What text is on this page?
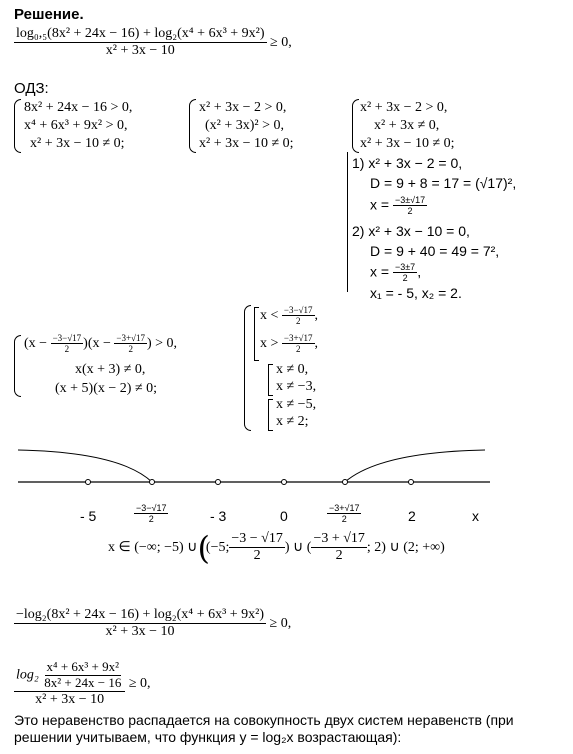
Решение.
$\frac{\text{log₀,₅(8x² + 24x − 16) + log₂(x⁴ + 6x³ + 9x²)}}{\text{x² + 3x − 10}} \ge 0$,
ОДЗ:
8x² + 24x − 16 > 0,
x⁴ + 6x³ + 9x² > 0,
x² + 3x − 10 ≠ 0;
x² + 3x − 2 > 0,
(x² + 3x)² > 0,
x² + 3x − 10 ≠ 0;
x² + 3x − 2 > 0,
x² + 3x ≠ 0,
x² + 3x − 10 ≠ 0;
1) x² + 3x − 2 = 0,
D = 9 + 8 = 17 = (√17)²,
$x = \frac{-3\pm√17}{2}$
2) x² + 3x − 10 = 0,
D = 9 + 40 = 49 = 7²,
$x = \frac{-3\pm 7}{2}$ ,
x₁ = - 5, x₂ = 2.
$(x - \frac{-3-√17}{2} )(x - \frac{-3+√17}{2}$ ) > 0,
x(x + 3) ≠ 0,
(x + 5)(x − 2) ≠ 0;
$x < \frac{-3-√17}{2}$ ,
$x > \frac{-3+√17}{2}$ ,
x ≠ 0,
x ≠ −3,
x ≠ −5,
x ≠ 2;
- 5	$\frac{-3-√17}{2}$	- 3	0	$\frac{-3+√17}{2}$	2	x
x ∈ (−∞; −5) ∪ (
(−5; $\frac{-3 - √17}{2}$ ) ∪ ( $\frac{-3 + √17}{2}$ ; 2) ∪ (2; +∞)
$\frac{\text{−log₂(8x² + 24x − 16) + log₂(x⁴ + 6x³ + 9x²)}}{\text{x² + 3x − 10}} \ge 0$,
$\frac{\log_2 \frac{\text{x⁴ + 6x³ + 9x²}}{\text{8x² + 24x − 16}}}{\text{x² + 3x − 10}} \ge 0$,
Это неравенство распадается на совокупность двух систем неравенств (при
решении учитываем, что функция у = log₂x возрастающая):
